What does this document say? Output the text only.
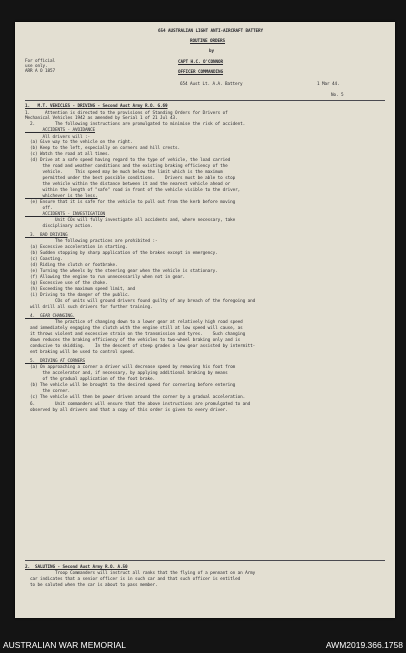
654 AUSTRALIAN LIGHT ANTI-AIRCRAFT BATTERY
ROUTINE ORDERS
by
For official
use only.
ARR A O 1857
CAPT H.C. O'CONNOR
OFFICER COMMANDING
654 Aust Lt. A.A. Battery	1 Mar 44.
No. 5
1.   M.T. VEHICLES - DRIVING - Second Aust Army R.O. G.69
1.      Attention is directed to the provisions of Standing Orders for Drivers of
Mechanical Vehicles 1942 as amended by Serial 1 of 21 Jul 43.
2.        The following instructions are promulgated to minimise the risk of accident.
ACCIDENTS - AVOIDANCE
All drivers will :-
(a) Give way to the vehicle on the right.
(b) Keep to the left, especially on corners and hill crests.
(c) Watch the road at all times.
(d) Drive at a safe speed having regard to the type of vehicle, the load carried
the road and weather conditions and the existing braking efficiency of the
vehicle.     This speed may be much below the limit which is the maximum
permitted under the best possible conditions.    Drivers must be able to stop
the vehicle within the distance between it and the nearest vehicle ahead or
within the length of "safe" road in front of the vehicle visible to the driver,
whichever is the less.
(e) Ensure that it is safe for the vehicle to pull out from the kerb before moving
off.
ACCIDENTS - INVESTIGATION
Unit COs will fully investigate all accidents and, where necessary, take
disciplinary action.
3.  BAD DRIVING
The following practices are prohibited :-
(a) Excessive acceleration in starting.
(b) Sudden stopping by sharp application of the brakes except in emergency.
(c) Coasting.
(d) Riding the clutch or footbrake.
(e) Turning the wheels by the steering gear when the vehicle is stationary.
(f) Allowing the engine to run unnecessarily when not in gear.
(g) Excessive use of the choke.
(h) Exceeding the maximum speed limit, and
(i) Driving to the danger of the public.
COs of units will ground drivers found guilty of any breach of the foregoing and
will drill all such drivers for further training.
4.  GEAR CHANGING.
The practice of changing down to a lower gear at relatively high road speed
and immediately engaging the clutch with the engine still at low speed will cause, as
it throws violent and excessive strain on the transmission and tyres.    Such changing
down reduces the braking efficiency of the vehicles to two-wheel braking only and is
conducive to skidding.    In the descent of steep grades a low gear assisted by intermitt-
ent braking will be used to control speed.
5.  DRIVING AT CORNERS
(a) On approaching a corner a driver will decrease speed by removing his foot from
the accelerator and, if necessary, by applying additional braking by means
of the gradual application of the foot brake.
(b) The vehicle will be brought to the desired speed for cornering before entering
the corner.
(c) The vehicle will then be power driven around the corner by a gradual acceleration.
6.        Unit commanders will ensure that the above instructions are promulgated to and
observed by all drivers and that a copy of this order is given to every driver.
2.  SALUTING - Second Aust Army R.O. A.50
Troop Commanders will instruct all ranks that the flying of a pennant on an Army
car indicates that a senior officer is in such car and that such officer is entitled
to be saluted when the car is about to pass member.
AUSTRALIAN WAR MEMORIAL	AWM2019.366.1758
